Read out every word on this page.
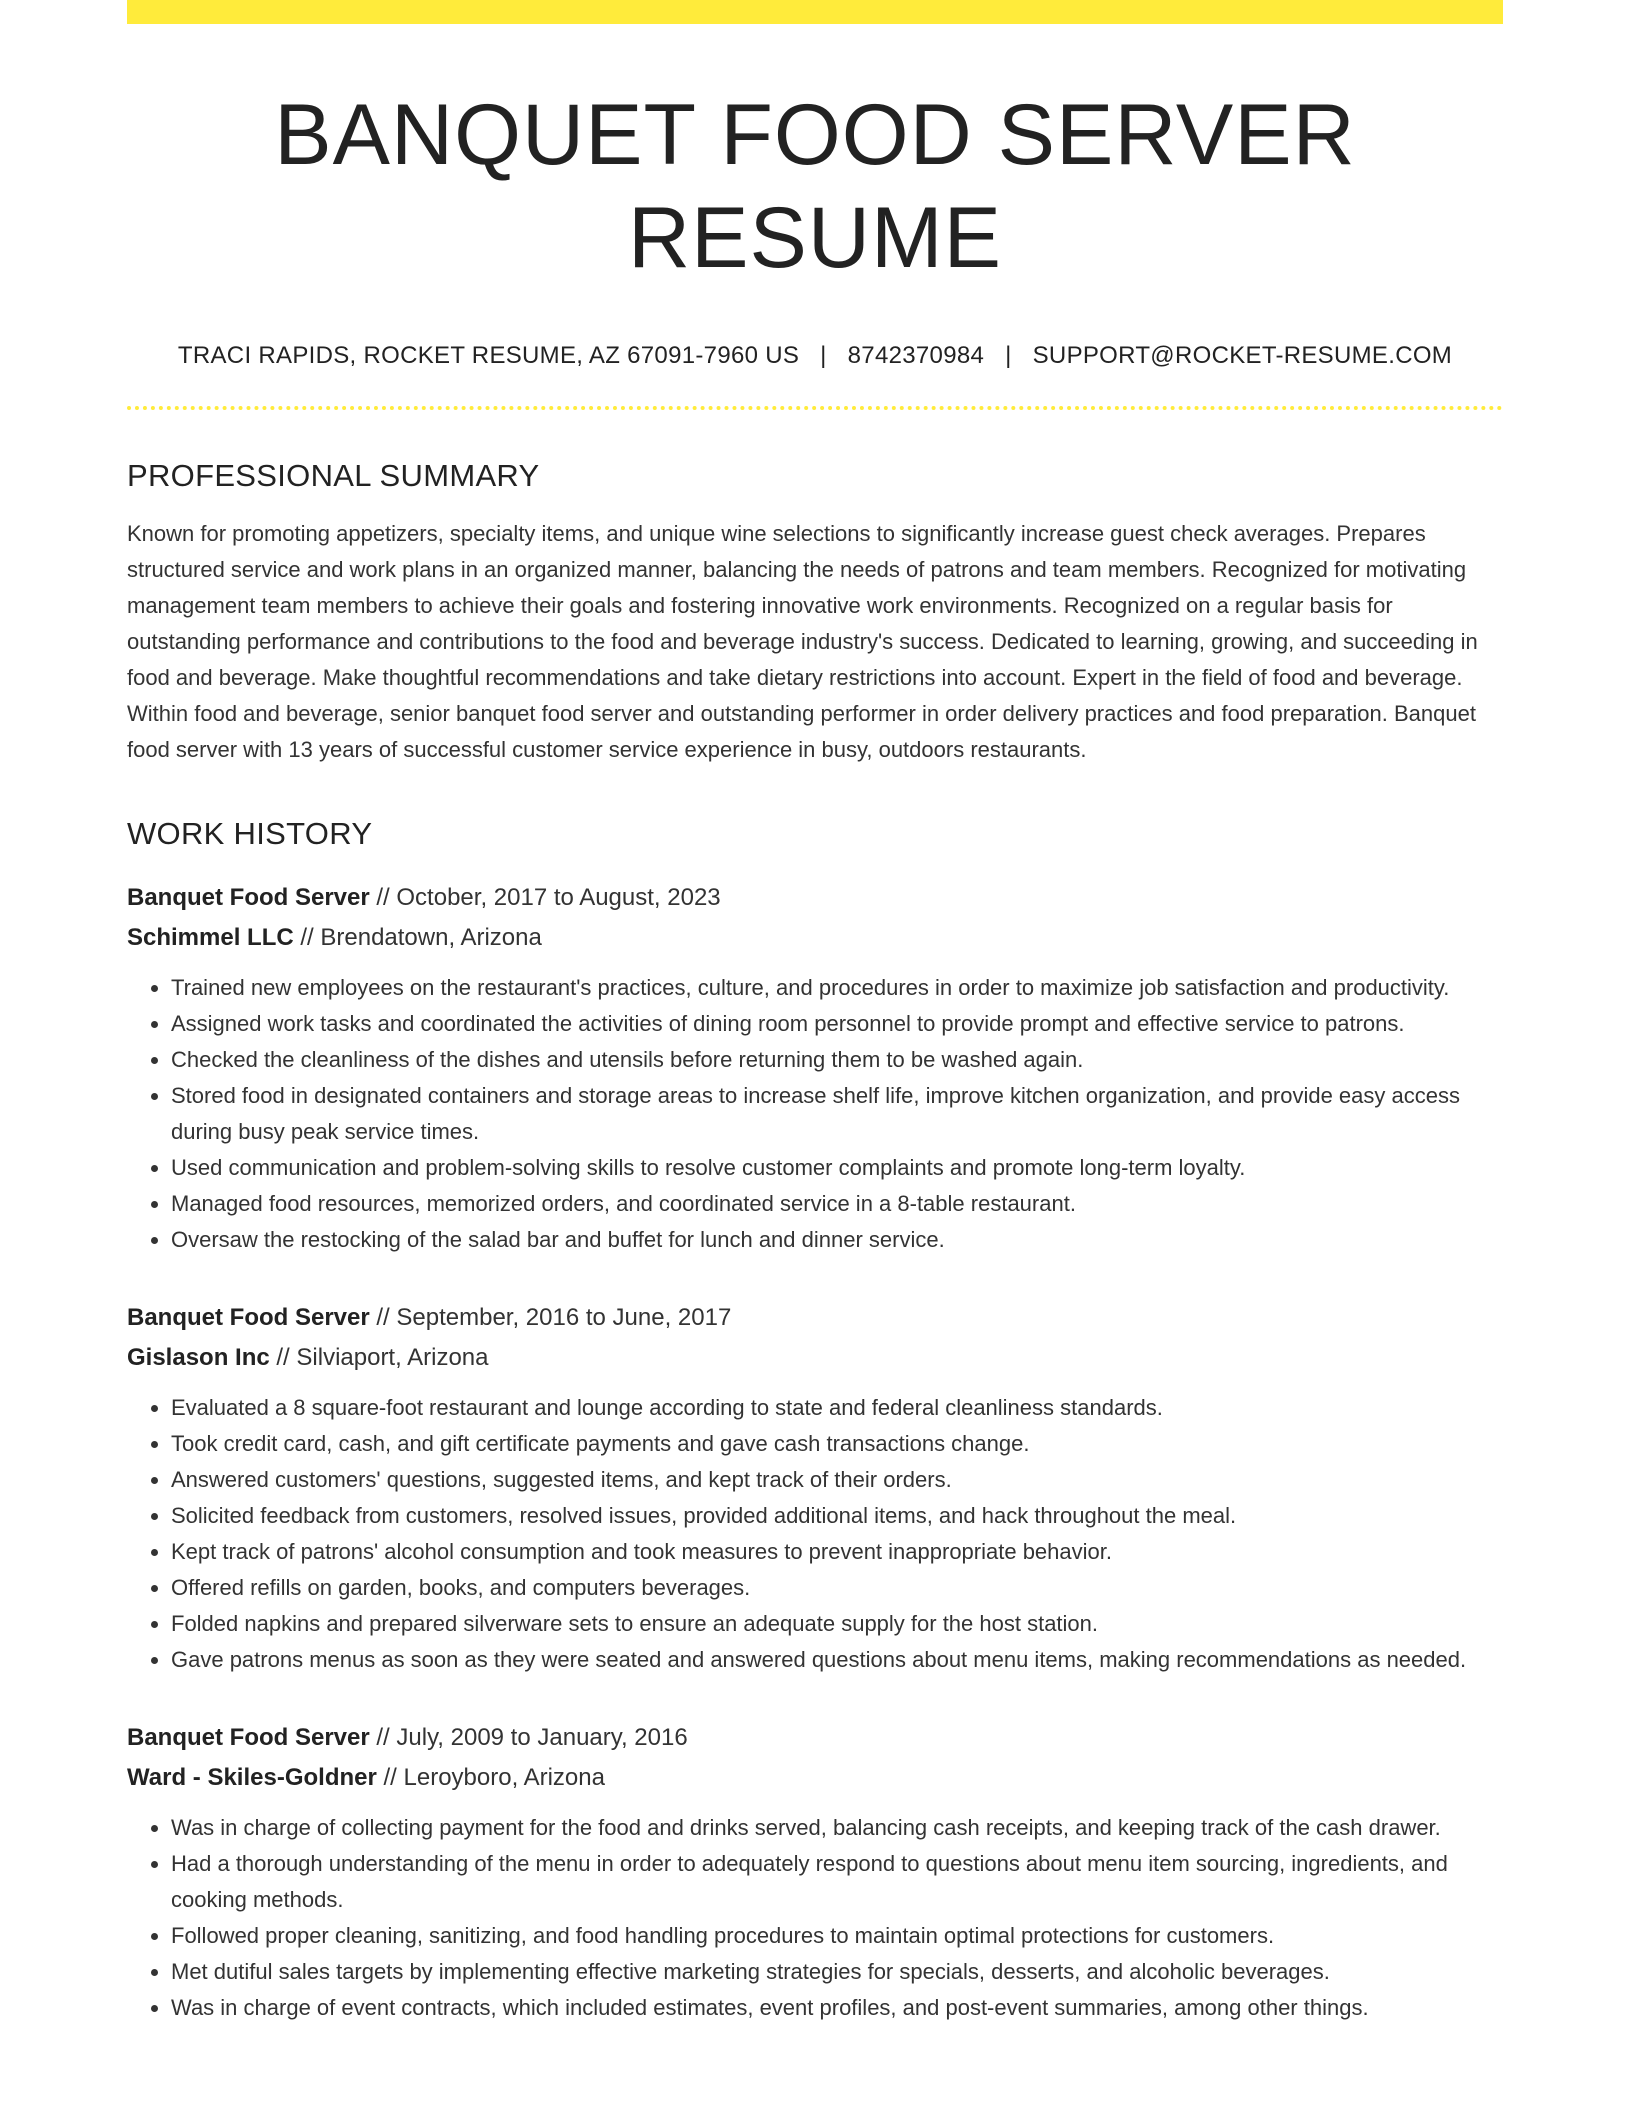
BANQUET FOOD SERVER RESUME
TRACI RAPIDS, ROCKET RESUME, AZ 67091-7960 US | 8742370984 | SUPPORT@ROCKET-RESUME.COM
PROFESSIONAL SUMMARY

Known for promoting appetizers, specialty items, and unique wine selections to significantly increase guest check averages. Prepares structured service and work plans in an organized manner, balancing the needs of patrons and team members. Recognized for motivating management team members to achieve their goals and fostering innovative work environments. Recognized on a regular basis for outstanding performance and contributions to the food and beverage industry's success. Dedicated to learning, growing, and succeeding in food and beverage. Make thoughtful recommendations and take dietary restrictions into account. Expert in the field of food and beverage. Within food and beverage, senior banquet food server and outstanding performer in order delivery practices and food preparation. Banquet food server with 13 years of successful customer service experience in busy, outdoors restaurants.

WORK HISTORY
Banquet Food Server // October, 2017 to August, 2023
Schimmel LLC // Brendatown, Arizona
• Trained new employees on the restaurant's practices, culture, and procedures in order to maximize job satisfaction and productivity.
• Assigned work tasks and coordinated the activities of dining room personnel to provide prompt and effective service to patrons.
• Checked the cleanliness of the dishes and utensils before returning them to be washed again.
• Stored food in designated containers and storage areas to increase shelf life, improve kitchen organization, and provide easy access during busy peak service times.
• Used communication and problem-solving skills to resolve customer complaints and promote long-term loyalty.
• Managed food resources, memorized orders, and coordinated service in a 8-table restaurant.
• Oversaw the restocking of the salad bar and buffet for lunch and dinner service.
Banquet Food Server // September, 2016 to June, 2017
Gislason Inc // Silviaport, Arizona
• Evaluated a 8 square-foot restaurant and lounge according to state and federal cleanliness standards.
• Took credit card, cash, and gift certificate payments and gave cash transactions change.
• Answered customers' questions, suggested items, and kept track of their orders.
• Solicited feedback from customers, resolved issues, provided additional items, and hack throughout the meal.
• Kept track of patrons' alcohol consumption and took measures to prevent inappropriate behavior.
• Offered refills on garden, books, and computers beverages.
• Folded napkins and prepared silverware sets to ensure an adequate supply for the host station.
• Gave patrons menus as soon as they were seated and answered questions about menu items, making recommendations as needed.
Banquet Food Server // July, 2009 to January, 2016
Ward - Skiles-Goldner // Leroyboro, Arizona
• Was in charge of collecting payment for the food and drinks served, balancing cash receipts, and keeping track of the cash drawer.
• Had a thorough understanding of the menu in order to adequately respond to questions about menu item sourcing, ingredients, and cooking methods.
• Followed proper cleaning, sanitizing, and food handling procedures to maintain optimal protections for customers.
• Met dutiful sales targets by implementing effective marketing strategies for specials, desserts, and alcoholic beverages.
• Was in charge of event contracts, which included estimates, event profiles, and post-event summaries, among other things.
